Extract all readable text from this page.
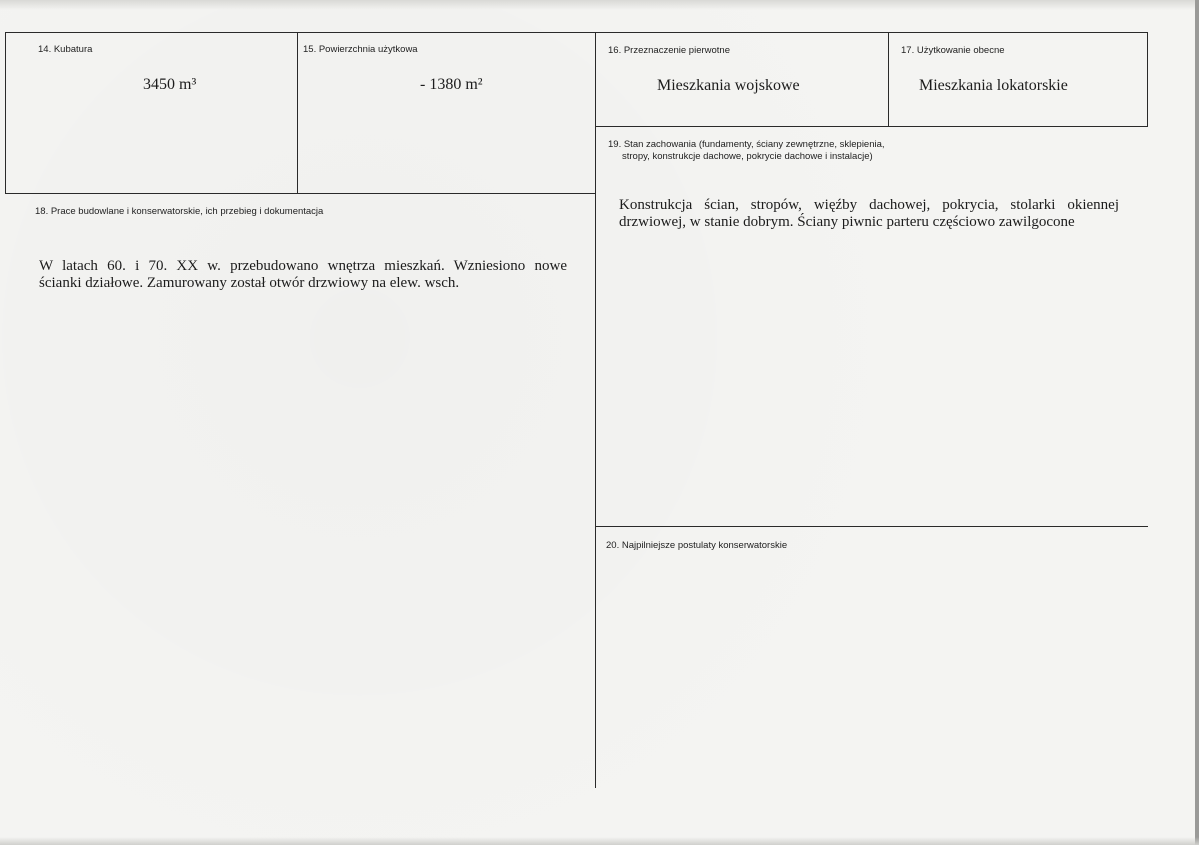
14. Kubatura
3450 m³
15. Powierzchnia użytkowa
- 1380 m²
16. Przeznaczenie pierwotne
Mieszkania wojskowe
17. Użytkowanie obecne
Mieszkania lokatorskie
18. Prace budowlane i konserwatorskie, ich przebieg i dokumentacja
W latach 60. i 70. XX w. przebudowano wnętrza mieszkań. Wzniesiono nowe
ścianki działowe. Zamurowany został otwór drzwiowy na elew. wsch.
19. Stan zachowania (fundamenty, ściany zewnętrzne, sklepienia,
stropy, konstrukcje dachowe, pokrycie dachowe i instalacje)
Konstrukcja ścian, stropów, więźby dachowej, pokrycia, stolarki okiennej
drzwiowej, w stanie dobrym. Ściany piwnic parteru częściowo zawilgocone
20. Najpilniejsze postulaty konserwatorskie
